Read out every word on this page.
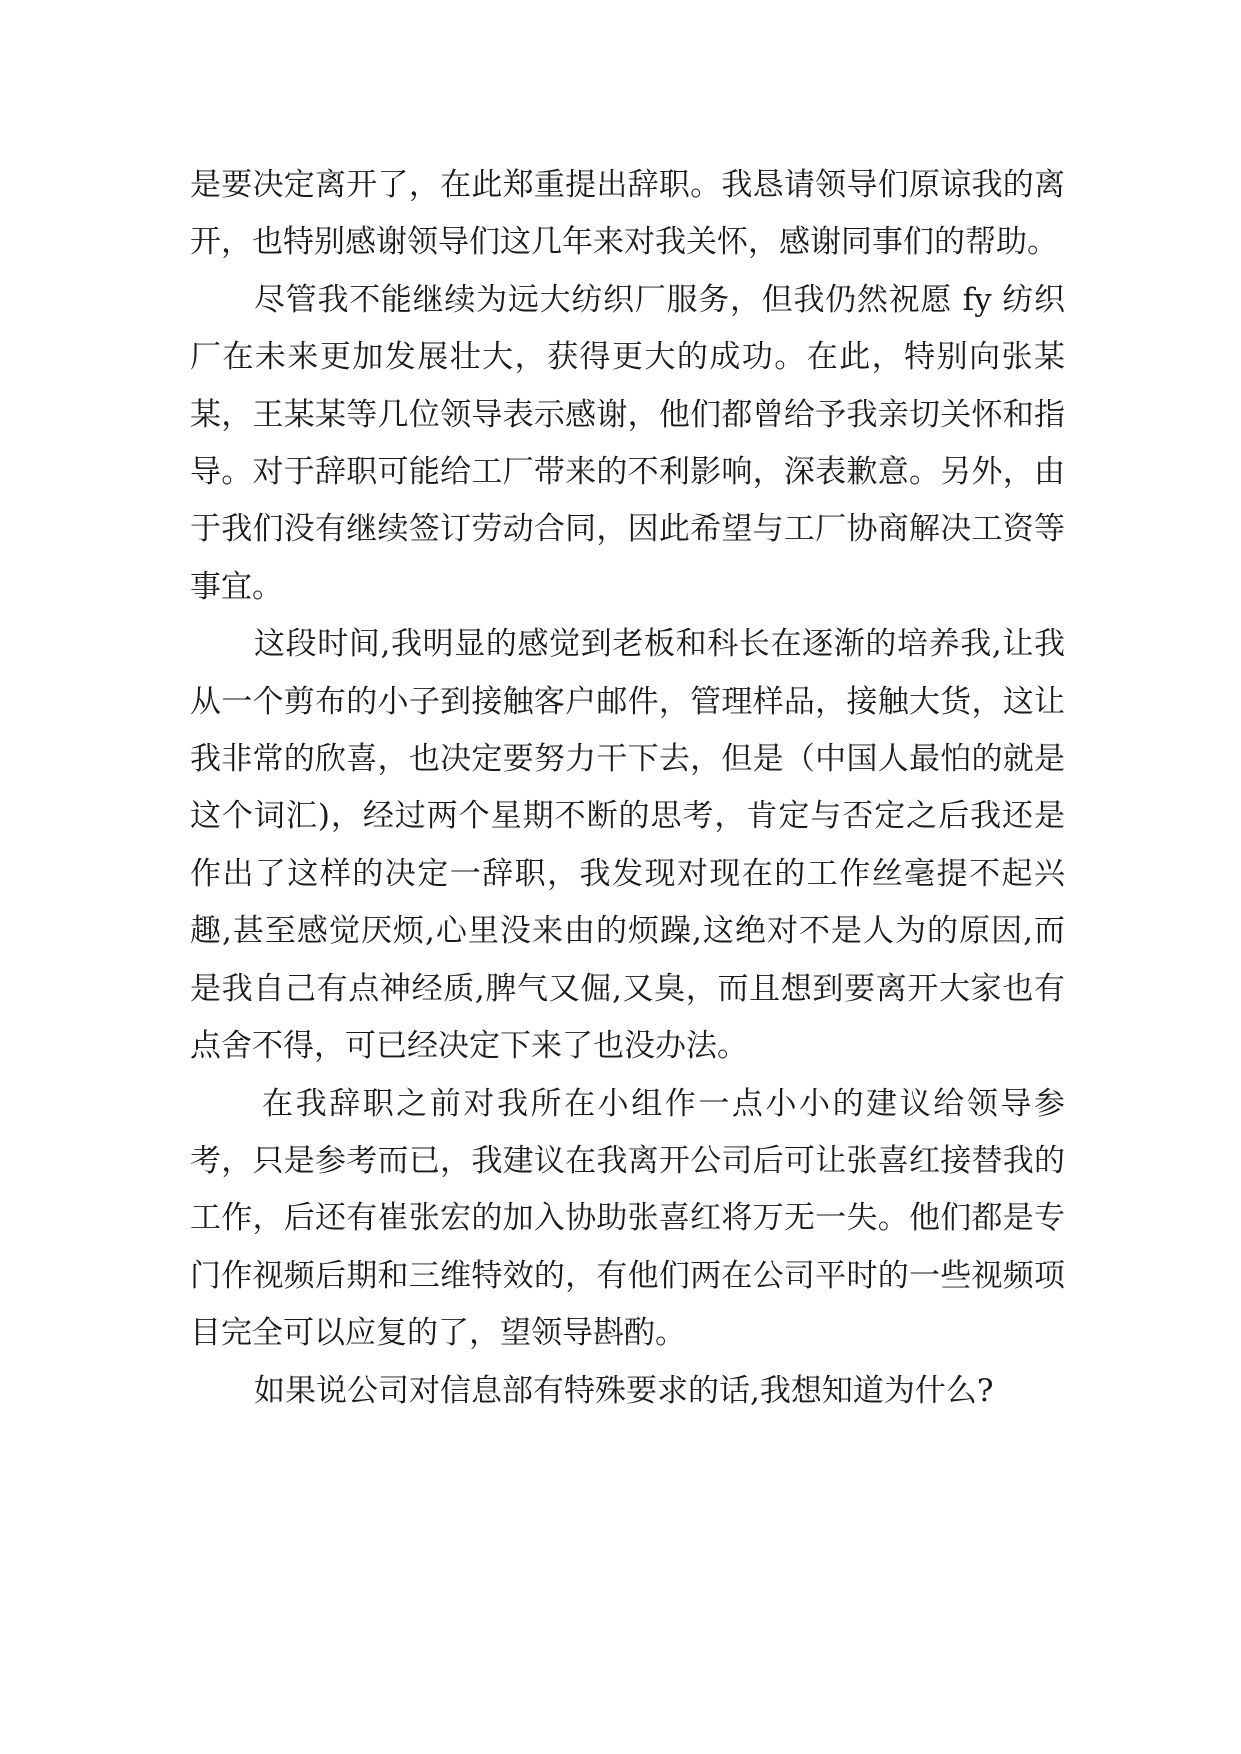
是要决定离开了，在此郑重提出辞职。我恳请领导们原谅我的离开，也特别感谢领导们这几年来对我关怀，感谢同事们的帮助。

尽管我不能继续为远大纺织厂服务，但我仍然祝愿 fy 纺织厂在未来更加发展壮大，获得更大的成功。在此，特别向张某某，王某某等几位领导表示感谢，他们都曾给予我亲切关怀和指导。对于辞职可能给工厂带来的不利影响，深表歉意。另外，由于我们没有继续签订劳动合同，因此希望与工厂协商解决工资等事宜。

这段时间,我明显的感觉到老板和科长在逐渐的培养我,让我从一个剪布的小子到接触客户邮件，管理样品，接触大货，这让我非常的欣喜，也决定要努力干下去，但是（中国人最怕的就是这个词汇)，经过两个星期不断的思考，肯定与否定之后我还是作出了这样的决定一辞职，我发现对现在的工作丝毫提不起兴趣,甚至感觉厌烦,心里没来由的烦躁,这绝对不是人为的原因,而是我自己有点神经质,脾气又倔,又臭，而且想到要离开大家也有点舍不得，可已经决定下来了也没办法。

在我辞职之前对我所在小组作一点小小的建议给领导参考，只是参考而已，我建议在我离开公司后可让张喜红接替我的工作，后还有崔张宏的加入协助张喜红将万无一失。他们都是专门作视频后期和三维特效的，有他们两在公司平时的一些视频项目完全可以应复的了，望领导斟酌。

如果说公司对信息部有特殊要求的话,我想知道为什么?
